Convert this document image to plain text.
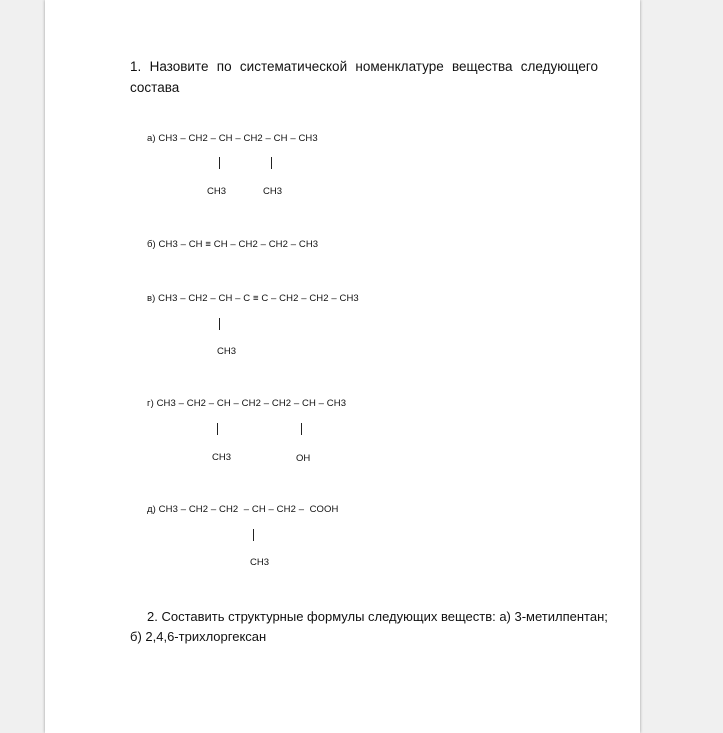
1. Назовите по систематической номенклатуре вещества следующего
состава
а) CH3 – CH2 – CH – CH2 – CH – CH3
CH3	CH3
б) CH3 – CH ≡ CH – CH2 – CH2 – CH3
в) CH3 – CH2 – CH – C ≡ C – CH2 – CH2 – CH3
CH3
г) CH3 – CH2 – CH – CH2 – CH2 – CH – CH3
CH3	OH
д) CH3 – CH2 – CH2  – CH – CH2 –  COOH
CH3
2. Составить структурные формулы следующих веществ: а) 3-метилпентан;
б) 2,4,6-трихлоргексан
